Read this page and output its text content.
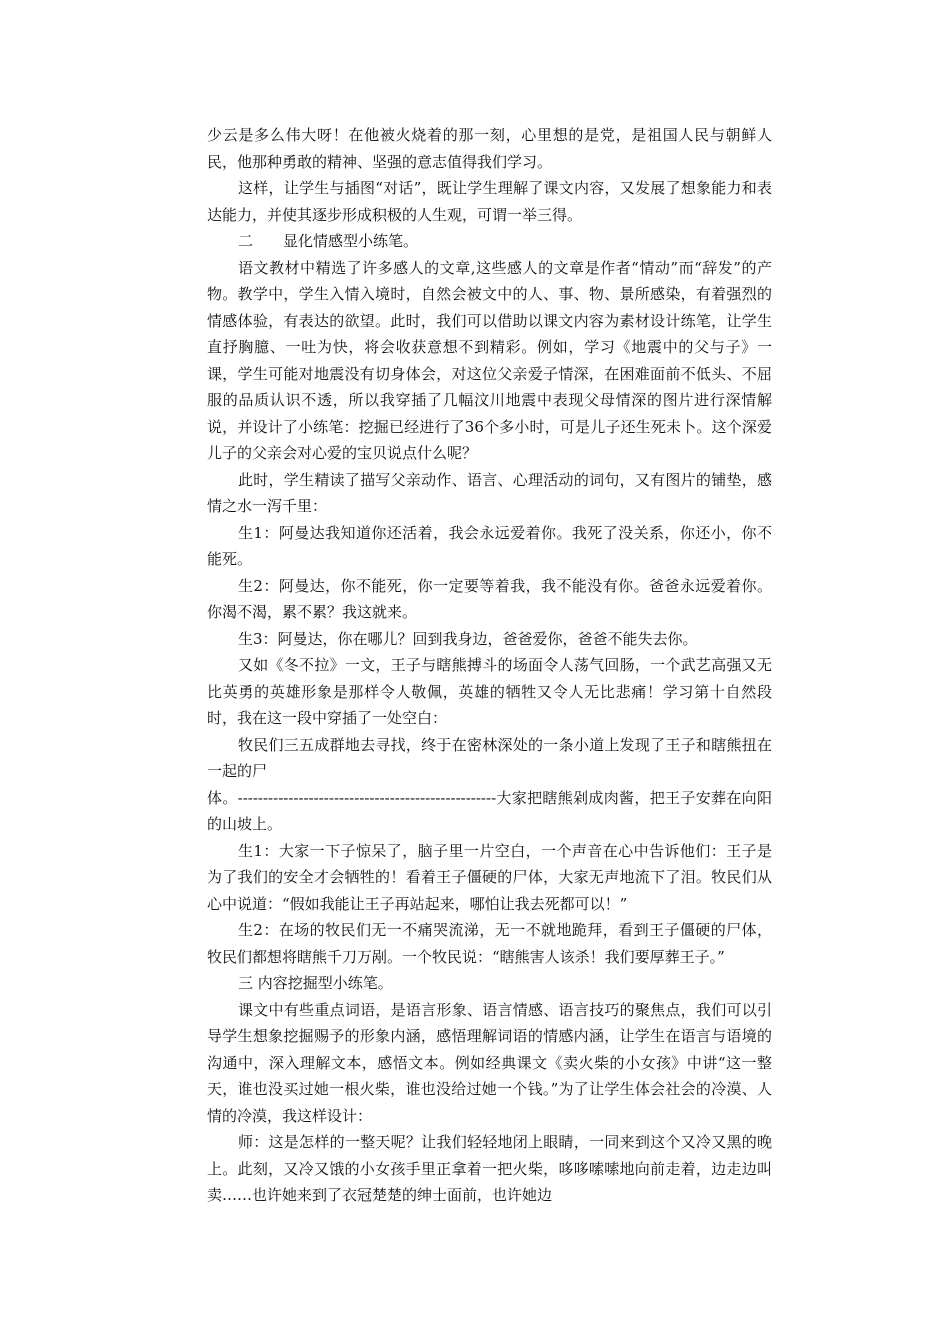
少云是多么伟大呀！在他被火烧着的那一刻，心里想的是党，是祖国人民与朝鲜人民，他那种勇敢的精神、坚强的意志值得我们学习。

这样，让学生与插图“对话”，既让学生理解了课文内容，又发展了想象能力和表达能力，并使其逐步形成积极的人生观，可谓一举三得。

二　　显化情感型小练笔。

语文教材中精选了许多感人的文章,这些感人的文章是作者“情动”而“辞发”的产物。教学中，学生入情入境时，自然会被文中的人、事、物、景所感染，有着强烈的情感体验，有表达的欲望。此时，我们可以借助以课文内容为素材设计练笔，让学生直抒胸臆、一吐为快，将会收获意想不到精彩。例如，学习《地震中的父与子》一课，学生可能对地震没有切身体会，对这位父亲爱子情深，在困难面前不低头、不屈服的品质认识不透，所以我穿插了几幅汶川地震中表现父母情深的图片进行深情解说，并设计了小练笔：挖掘已经进行了36个多小时，可是儿子还生死未卜。这个深爱儿子的父亲会对心爱的宝贝说点什么呢？

此时，学生精读了描写父亲动作、语言、心理活动的词句，又有图片的铺垫，感情之水一泻千里：

生1：阿曼达我知道你还活着，我会永远爱着你。我死了没关系，你还小，你不能死。

生2：阿曼达，你不能死，你一定要等着我，我不能没有你。爸爸永远爱着你。你渴不渴，累不累？我这就来。

生3：阿曼达，你在哪儿？回到我身边，爸爸爱你，爸爸不能失去你。

又如《冬不拉》一文，王子与瞎熊搏斗的场面令人荡气回肠，一个武艺高强又无比英勇的英雄形象是那样令人敬佩，英雄的牺牲又令人无比悲痛！学习第十自然段时，我在这一段中穿插了一处空白：

牧民们三五成群地去寻找，终于在密林深处的一条小道上发现了王子和瞎熊扭在一起的尸

体。---------------------------------------------------大家把瞎熊剁成肉酱，把王子安葬在向阳的山坡上。

生1：大家一下子惊呆了，脑子里一片空白，一个声音在心中告诉他们：王子是为了我们的安全才会牺牲的！看着王子僵硬的尸体，大家无声地流下了泪。牧民们从心中说道：“假如我能让王子再站起来，哪怕让我去死都可以！”

生2：在场的牧民们无一不痛哭流涕，无一不就地跪拜，看到王子僵硬的尸体，牧民们都想将瞎熊千刀万剐。一个牧民说：“瞎熊害人该杀！我们要厚葬王子。”

三 内容挖掘型小练笔。

课文中有些重点词语，是语言形象、语言情感、语言技巧的聚焦点，我们可以引导学生想象挖掘赐予的形象内涵，感悟理解词语的情感内涵，让学生在语言与语境的沟通中，深入理解文本，感悟文本。例如经典课文《卖火柴的小女孩》中讲“这一整天，谁也没买过她一根火柴，谁也没给过她一个钱。”为了让学生体会社会的冷漠、人情的冷漠，我这样设计：

师：这是怎样的一整天呢？让我们轻轻地闭上眼睛，一同来到这个又冷又黑的晚上。此刻，又冷又饿的小女孩手里正拿着一把火柴，哆哆嗦嗦地向前走着，边走边叫卖……也许她来到了衣冠楚楚的绅士面前，也许她边
